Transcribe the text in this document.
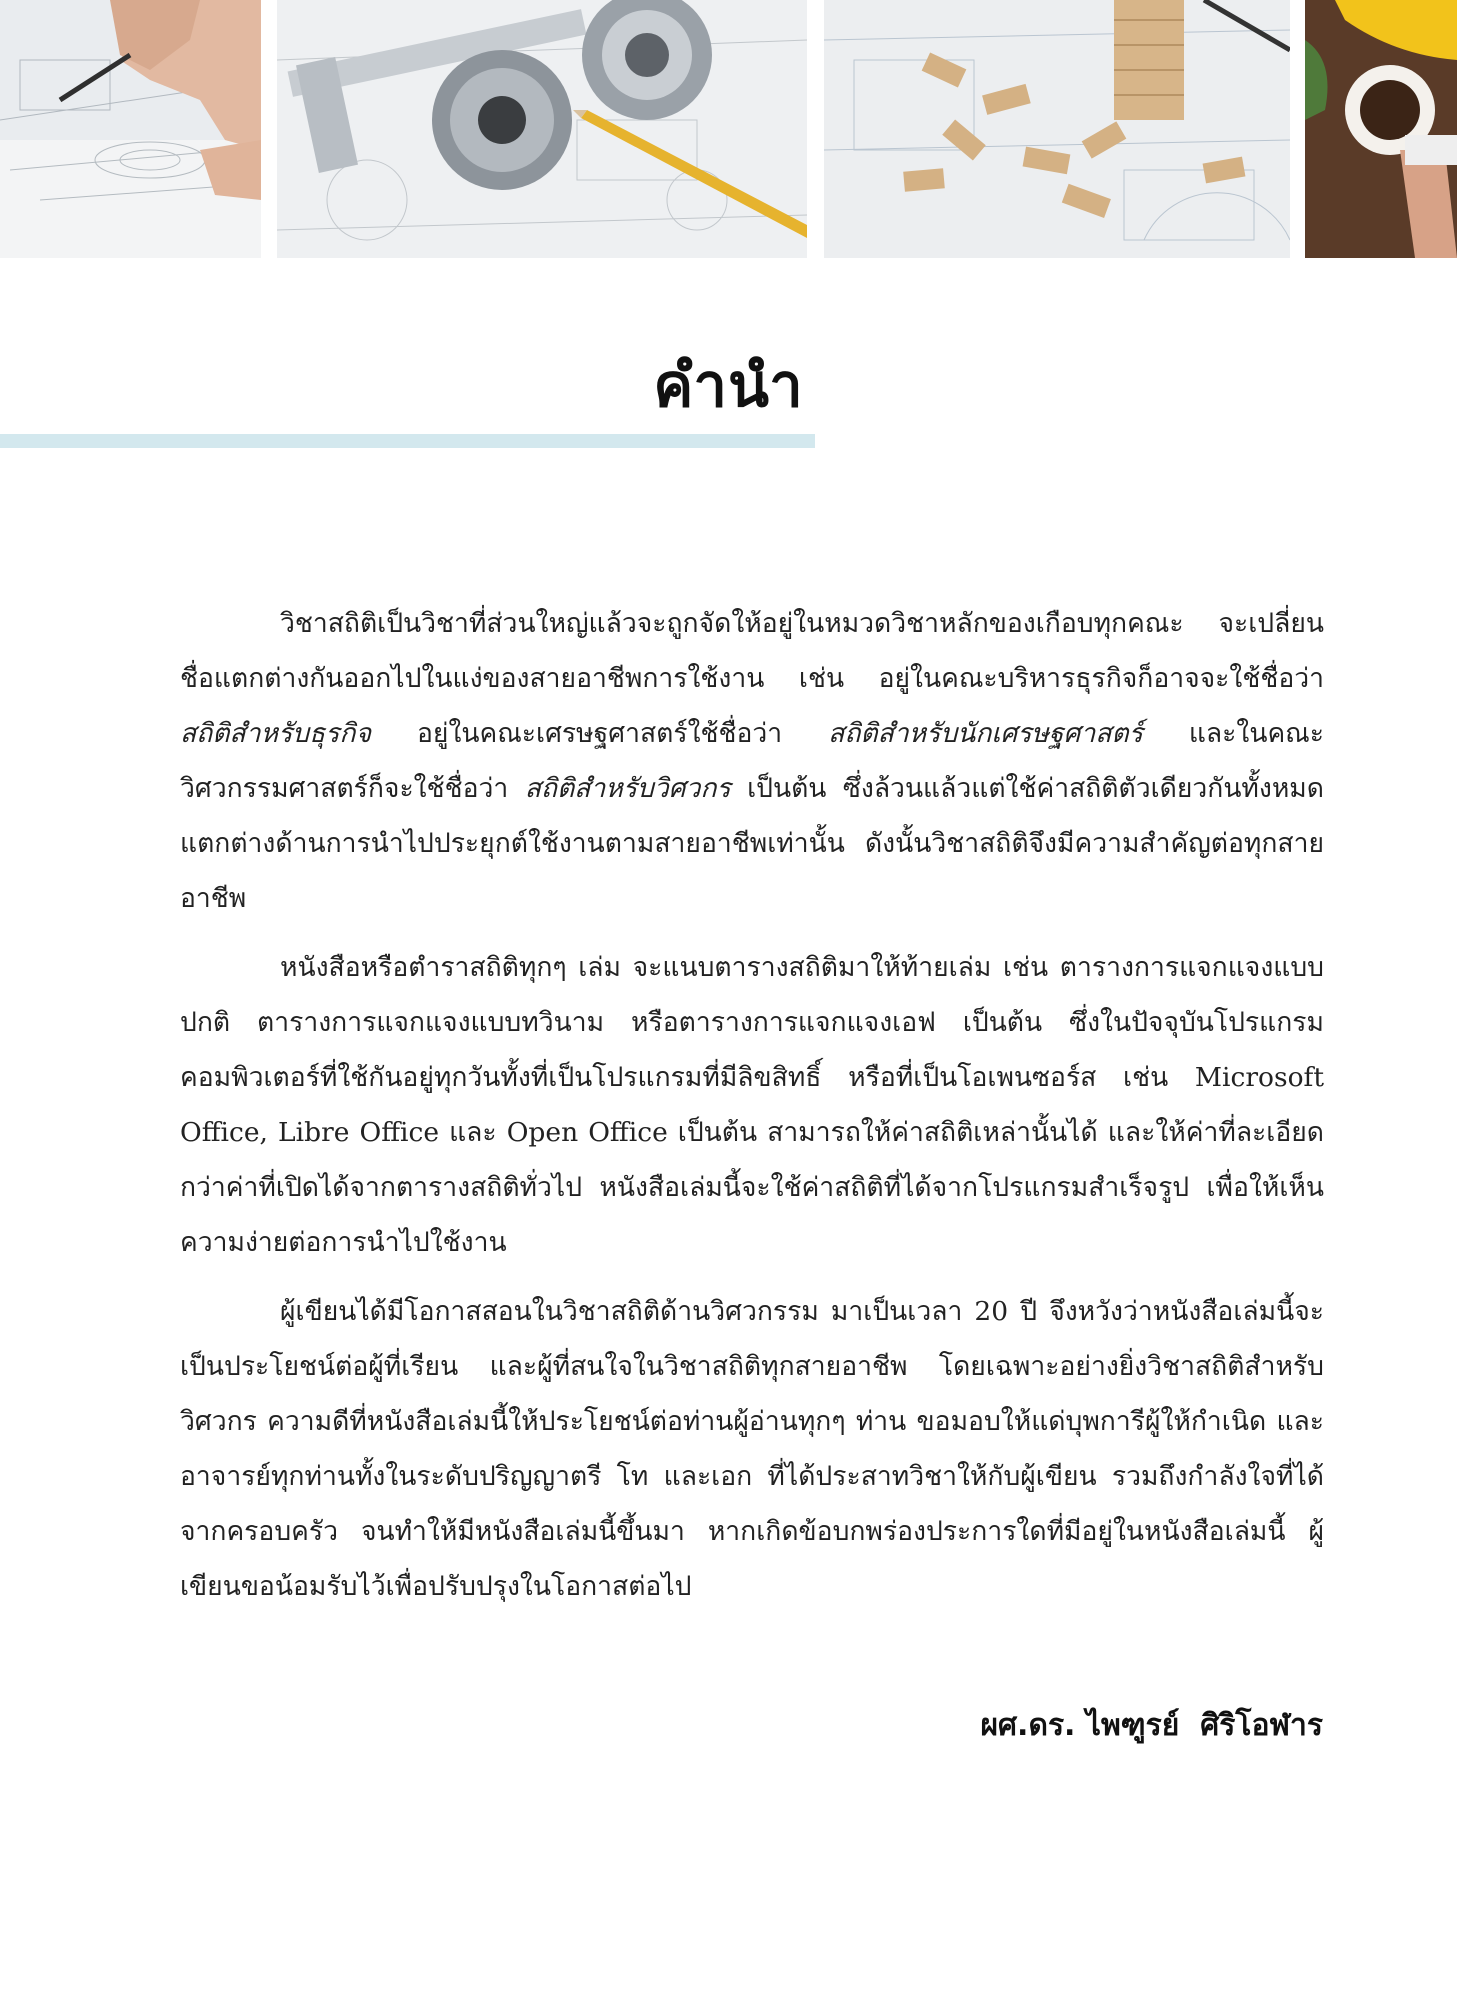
คำนำ

วิชาสถิติเป็นวิชาที่ส่วนใหญ่แล้วจะถูกจัดให้อยู่ในหมวดวิชาหลักของเกือบทุกคณะ จะเปลี่ยนชื่อแตกต่างกันออกไปในแง่ของสายอาชีพการใช้งาน เช่น อยู่ในคณะบริหารธุรกิจก็อาจจะใช้ชื่อว่า สถิติสำหรับธุรกิจ อยู่ในคณะเศรษฐศาสตร์ใช้ชื่อว่า สถิติสำหรับนักเศรษฐศาสตร์ และในคณะวิศวกรรมศาสตร์ก็จะใช้ชื่อว่า สถิติสำหรับวิศวกร เป็นต้น ซึ่งล้วนแล้วแต่ใช้ค่าสถิติตัวเดียวกันทั้งหมด แตกต่างด้านการนำไปประยุกต์ใช้งานตามสายอาชีพเท่านั้น ดังนั้นวิชาสถิติจึงมีความสำคัญต่อทุกสายอาชีพ

หนังสือหรือตำราสถิติทุกๆ เล่ม จะแนบตารางสถิติมาให้ท้ายเล่ม เช่น ตารางการแจกแจงแบบปกติ ตารางการแจกแจงแบบทวินาม หรือตารางการแจกแจงเอฟ เป็นต้น ซึ่งในปัจจุบันโปรแกรมคอมพิวเตอร์ที่ใช้กันอยู่ทุกวันทั้งที่เป็นโปรแกรมที่มีลิขสิทธิ์ หรือที่เป็นโอเพนซอร์ส เช่น Microsoft Office, Libre Office และ Open Office เป็นต้น สามารถให้ค่าสถิติเหล่านั้นได้ และให้ค่าที่ละเอียดกว่าค่าที่เปิดได้จากตารางสถิติทั่วไป หนังสือเล่มนี้จะใช้ค่าสถิติที่ได้จากโปรแกรมสำเร็จรูป เพื่อให้เห็นความง่ายต่อการนำไปใช้งาน

ผู้เขียนได้มีโอกาสสอนในวิชาสถิติด้านวิศวกรรม มาเป็นเวลา 20 ปี จึงหวังว่าหนังสือเล่มนี้จะเป็นประโยชน์ต่อผู้ที่เรียน และผู้ที่สนใจในวิชาสถิติทุกสายอาชีพ โดยเฉพาะอย่างยิ่งวิชาสถิติสำหรับวิศวกร ความดีที่หนังสือเล่มนี้ให้ประโยชน์ต่อท่านผู้อ่านทุกๆ ท่าน ขอมอบให้แด่บุพการีผู้ให้กำเนิด และอาจารย์ทุกท่านทั้งในระดับปริญญาตรี โท และเอก ที่ได้ประสาทวิชาให้กับผู้เขียน รวมถึงกำลังใจที่ได้จากครอบครัว จนทำให้มีหนังสือเล่มนี้ขึ้นมา หากเกิดข้อบกพร่องประการใดที่มีอยู่ในหนังสือเล่มนี้ ผู้เขียนขอน้อมรับไว้เพื่อปรับปรุงในโอกาสต่อไป

ผศ.ดร. ไพฑูรย์  ศิริโอฬาร
